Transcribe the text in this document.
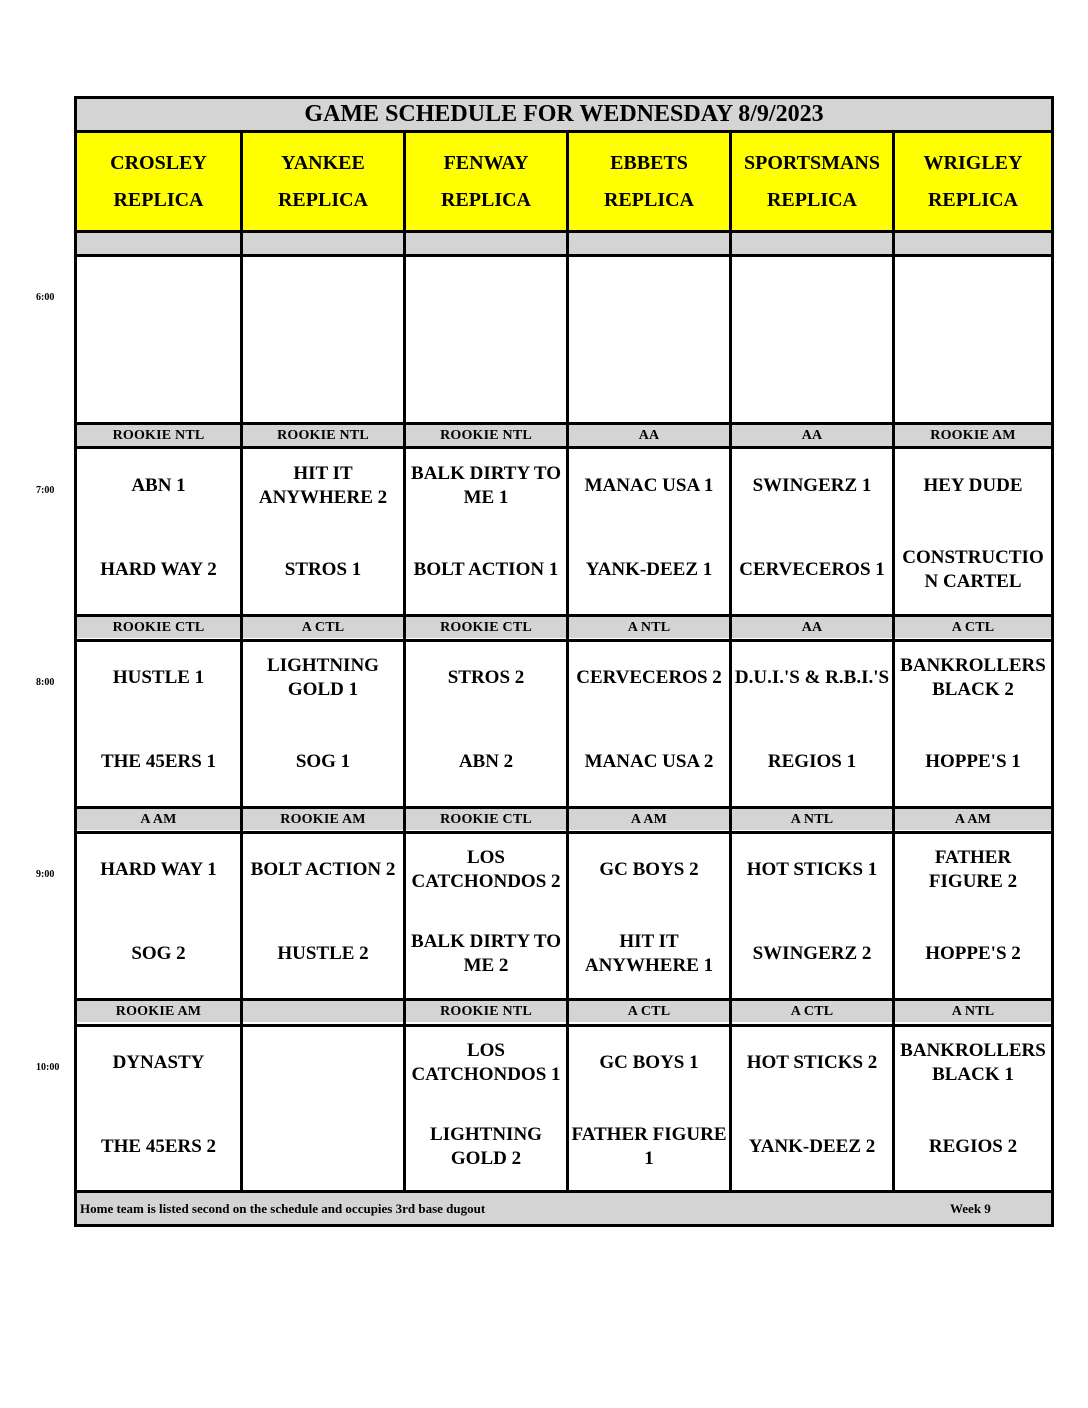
GAME SCHEDULE FOR WEDNESDAY 8/9/2023
CROSLEY
REPLICA
YANKEE
REPLICA
FENWAY
REPLICA
EBBETS
REPLICA
SPORTSMANS
REPLICA
WRIGLEY
REPLICA
ROOKIE NTL
ABN 1
HARD WAY 2
ROOKIE NTL
HIT IT ANYWHERE 2
STROS 1
ROOKIE NTL
BALK DIRTY TO ME 1
BOLT ACTION 1
AA
MANAC USA 1
YANK-DEEZ 1
AA
SWINGERZ 1
CERVECEROS 1
ROOKIE AM
HEY DUDE
CONSTRUCTIO N CARTEL
ROOKIE CTL
HUSTLE 1
THE 45ERS 1
A CTL
LIGHTNING GOLD 1
SOG 1
ROOKIE CTL
STROS 2
ABN 2
A NTL
CERVECEROS 2
MANAC USA 2
AA
D.U.I.'S & R.B.I.'S
REGIOS 1
A CTL
BANKROLLERS BLACK 2
HOPPE'S 1
A AM
HARD WAY 1
SOG 2
ROOKIE AM
BOLT ACTION 2
HUSTLE 2
ROOKIE CTL
LOS CATCHONDOS 2
BALK DIRTY TO ME 2
A AM
GC BOYS 2
HIT IT ANYWHERE 1
A NTL
HOT STICKS 1
SWINGERZ 2
A AM
FATHER FIGURE 2
HOPPE'S 2
ROOKIE AM
DYNASTY
THE 45ERS 2
ROOKIE NTL
LOS CATCHONDOS 1
LIGHTNING GOLD 2
A CTL
GC BOYS 1
FATHER FIGURE 1
A CTL
HOT STICKS 2
YANK-DEEZ 2
A NTL
BANKROLLERS BLACK 1
REGIOS 2
Home team is listed second on the schedule and occupies 3rd base dugout	Week 9
6:00
7:00
8:00
9:00
10:00
